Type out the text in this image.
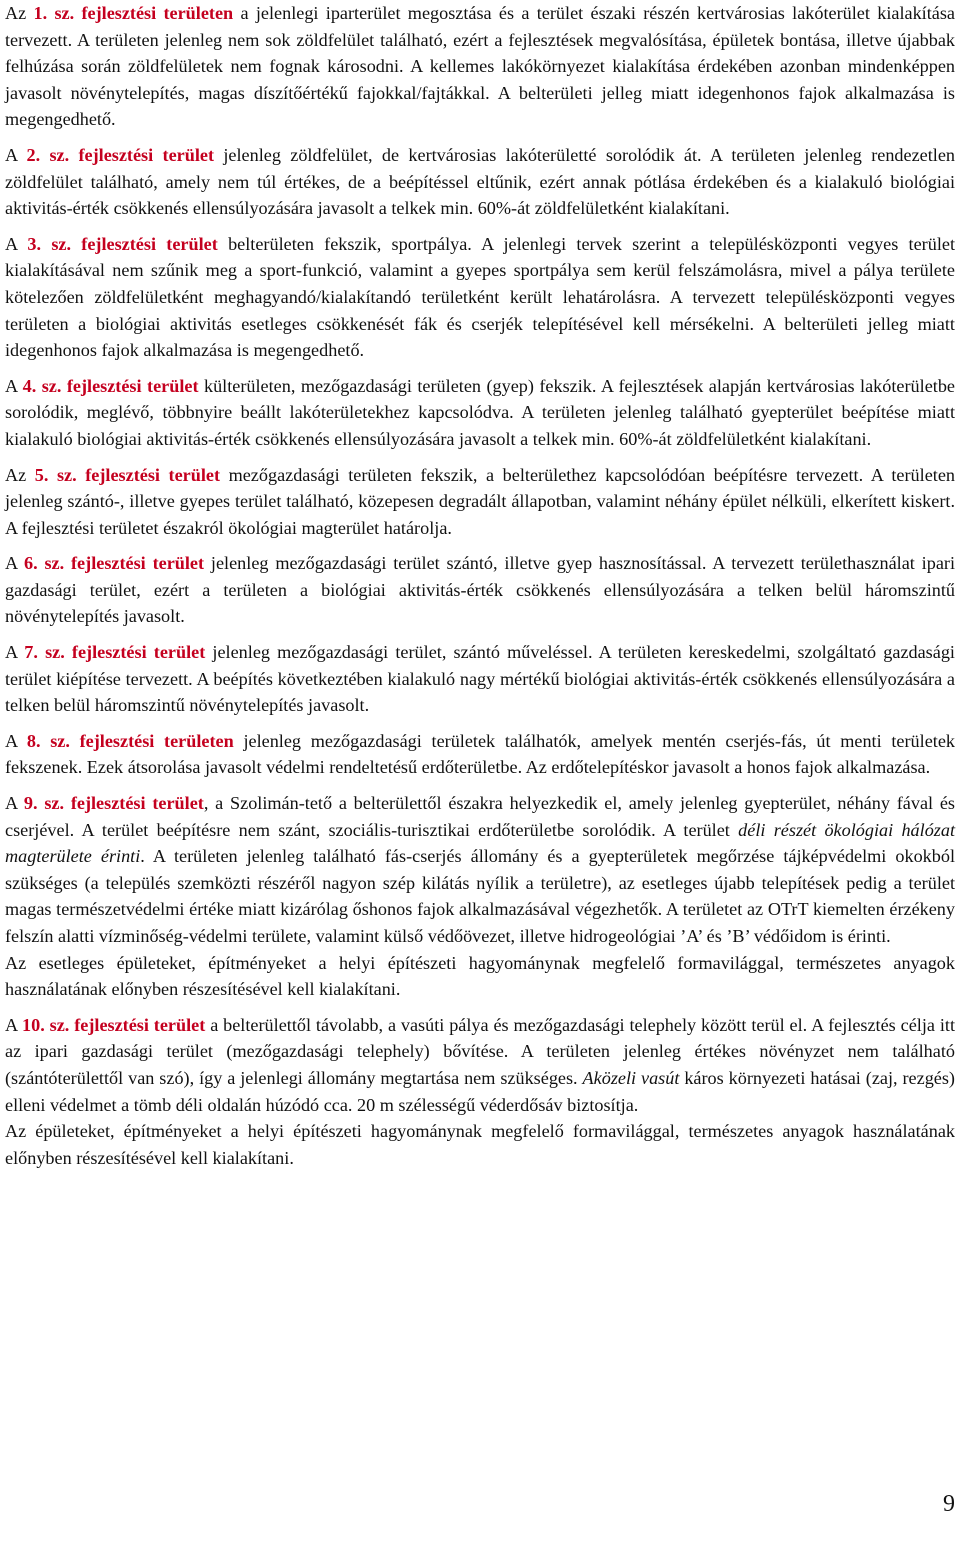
Az 1. sz. fejlesztési területen a jelenlegi iparterület megosztása és a terület északi részén kertvárosias lakóterület kialakítása tervezett. A területen jelenleg nem sok zöldfelület található, ezért a fejlesztések megvalósítása, épületek bontása, illetve újabbak felhúzása során zöldfelületek nem fognak károsodni. A kellemes lakókörnyezet kialakítása érdekében azonban mindenképpen javasolt növénytelepítés, magas díszítőértékű fajokkal/fajtákkal. A belterületi jelleg miatt idegenhonos fajok alkalmazása is megengedhető.

A 2. sz. fejlesztési terület jelenleg zöldfelület, de kertvárosias lakóterületté sorolódik át. A területen jelenleg rendezetlen zöldfelület található, amely nem túl értékes, de a beépítéssel eltűnik, ezért annak pótlása érdekében és a kialakuló biológiai aktivitás-érték csökkenés ellensúlyozására javasolt a telkek min. 60%-át zöldfelületként kialakítani.

A 3. sz. fejlesztési terület belterületen fekszik, sportpálya. A jelenlegi tervek szerint a településközponti vegyes terület kialakításával nem szűnik meg a sport-funkció, valamint a gyepes sportpálya sem kerül felszámolásra, mivel a pálya területe kötelezően zöldfelületként meghagyandó/kialakítandó területként került lehatárolásra. A tervezett településközponti vegyes területen a biológiai aktivitás esetleges csökkenését fák és cserjék telepítésével kell mérsékelni. A belterületi jelleg miatt idegenhonos fajok alkalmazása is megengedhető.

A 4. sz. fejlesztési terület külterületen, mezőgazdasági területen (gyep) fekszik. A fejlesztések alapján kertvárosias lakóterületbe sorolódik, meglévő, többnyire beállt lakóterületekhez kapcsolódva. A területen jelenleg található gyepterület beépítése miatt kialakuló biológiai aktivitás-érték csökkenés ellensúlyozására javasolt a telkek min. 60%-át zöldfelületként kialakítani.

Az 5. sz. fejlesztési terület mezőgazdasági területen fekszik, a belterülethez kapcsolódóan beépítésre tervezett. A területen jelenleg szántó-, illetve gyepes terület található, közepesen degradált állapotban, valamint néhány épület nélküli, elkerített kiskert. A fejlesztési területet északról ökológiai magterület határolja.

A 6. sz. fejlesztési terület jelenleg mezőgazdasági terület szántó, illetve gyep hasznosítással. A tervezett területhasználat ipari gazdasági terület, ezért a területen a biológiai aktivitás-érték csökkenés ellensúlyozására a telken belül háromszintű növénytelepítés javasolt.

A 7. sz. fejlesztési terület jelenleg mezőgazdasági terület, szántó műveléssel. A területen kereskedelmi, szolgáltató gazdasági terület kiépítése tervezett. A beépítés következtében kialakuló nagy mértékű biológiai aktivitás-érték csökkenés ellensúlyozására a telken belül háromszintű növénytelepítés javasolt.

A 8. sz. fejlesztési területen jelenleg mezőgazdasági területek találhatók, amelyek mentén cserjés-fás, út menti területek fekszenek. Ezek átsorolása javasolt védelmi rendeltetésű erdőterületbe. Az erdőtelepítéskor javasolt a honos fajok alkalmazása.

A 9. sz. fejlesztési terület, a Szolimán-tető a belterülettől északra helyezkedik el, amely jelenleg gyepterület, néhány fával és cserjével. A terület beépítésre nem szánt, szociális-turisztikai erdőterületbe sorolódik. A terület déli részét ökológiai hálózat magterülete érinti. A területen jelenleg található fás-cserjés állomány és a gyepterületek megőrzése tájképvédelmi okokból szükséges (a település szemközti részéről nagyon szép kilátás nyílik a területre), az esetleges újabb telepítések pedig a terület magas természetvédelmi értéke miatt kizárólag őshonos fajok alkalmazásával végezhetők. A területet az OTrT kiemelten érzékeny felszín alatti vízminőség-védelmi területe, valamint külső védőövezet, illetve hidrogeológiai ’A’ és ’B’ védőidom is érinti.

Az esetleges épületeket, építményeket a helyi építészeti hagyománynak megfelelő formavilággal, természetes anyagok használatának előnyben részesítésével kell kialakítani.

A 10. sz. fejlesztési terület a belterülettől távolabb, a vasúti pálya és mezőgazdasági telephely között terül el. A fejlesztés célja itt az ipari gazdasági terület (mezőgazdasági telephely) bővítése. A területen jelenleg értékes növényzet nem található (szántóterülettől van szó), így a jelenlegi állomány megtartása nem szükséges. Aközeli vasút káros környezeti hatásai (zaj, rezgés) elleni védelmet a tömb déli oldalán húzódó cca. 20 m szélességű véderdősáv biztosítja.

Az épületeket, építményeket a helyi építészeti hagyománynak megfelelő formavilággal, természetes anyagok használatának előnyben részesítésével kell kialakítani.

9
